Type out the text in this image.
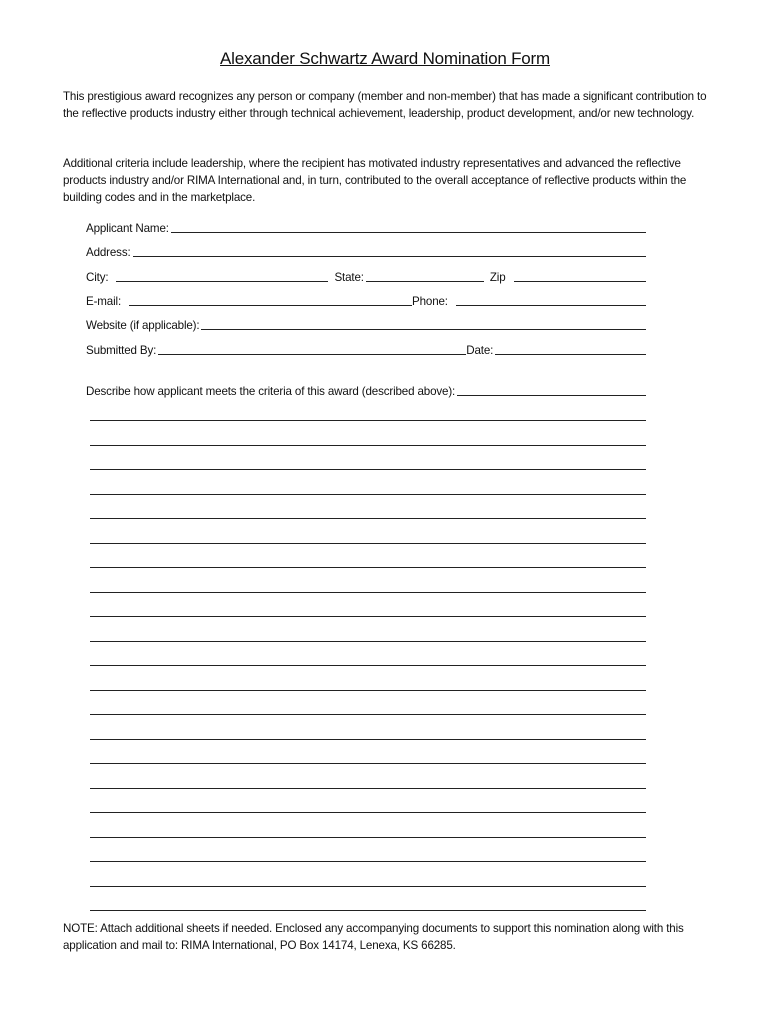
Alexander Schwartz Award Nomination Form
This prestigious award recognizes any person or company (member and non-member) that has made a significant contribution to the reflective products industry either through technical achievement, leadership, product development, and/or new technology.
Additional criteria include leadership, where the recipient has motivated industry representatives and advanced the reflective products industry and/or RIMA International and, in turn, contributed to the overall acceptance of reflective products within the building codes and in the marketplace.
Applicant Name:
Address:
City:	State:	Zip
E-mail:	Phone:
Website (if applicable):
Submitted By:	Date:
Describe how applicant meets the criteria of this award (described above):
NOTE: Attach additional sheets if needed. Enclosed any accompanying documents to support this nomination along with this application and mail to: RIMA International, PO Box 14174, Lenexa, KS 66285.
